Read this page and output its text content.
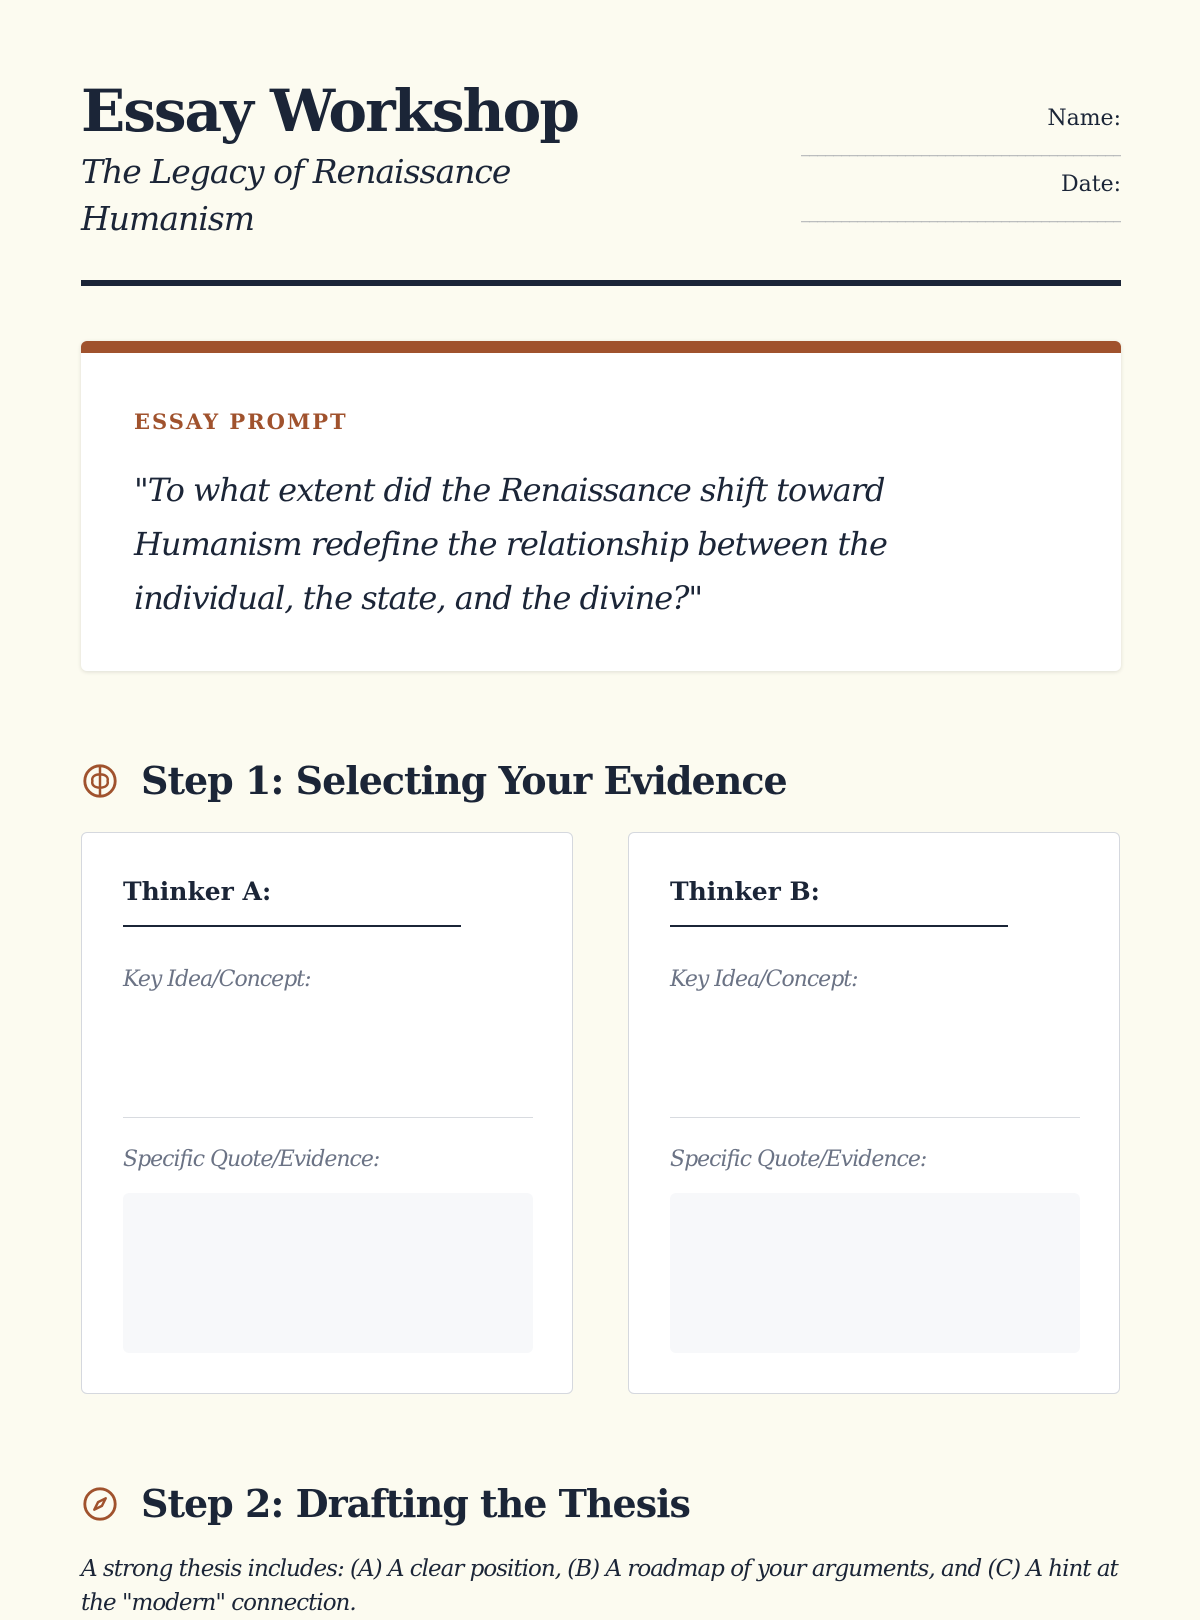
Essay Workshop

The Legacy of Renaissance Humanism

Name:
________________________________________
Date:
________________________________________
ESSAY PROMPT

"To what extent did the Renaissance shift toward Humanism redefine the relationship between the individual, the state, and the divine?"

Step 1: Selecting Your Evidence
Thinker A:
Key Idea/Concept:
Specific Quote/Evidence:
Thinker B:
Key Idea/Concept:
Specific Quote/Evidence:
Step 2: Drafting the Thesis

A strong thesis includes: (A) A clear position, (B) A roadmap of your arguments, and (C) A hint at the "modern" connection.
